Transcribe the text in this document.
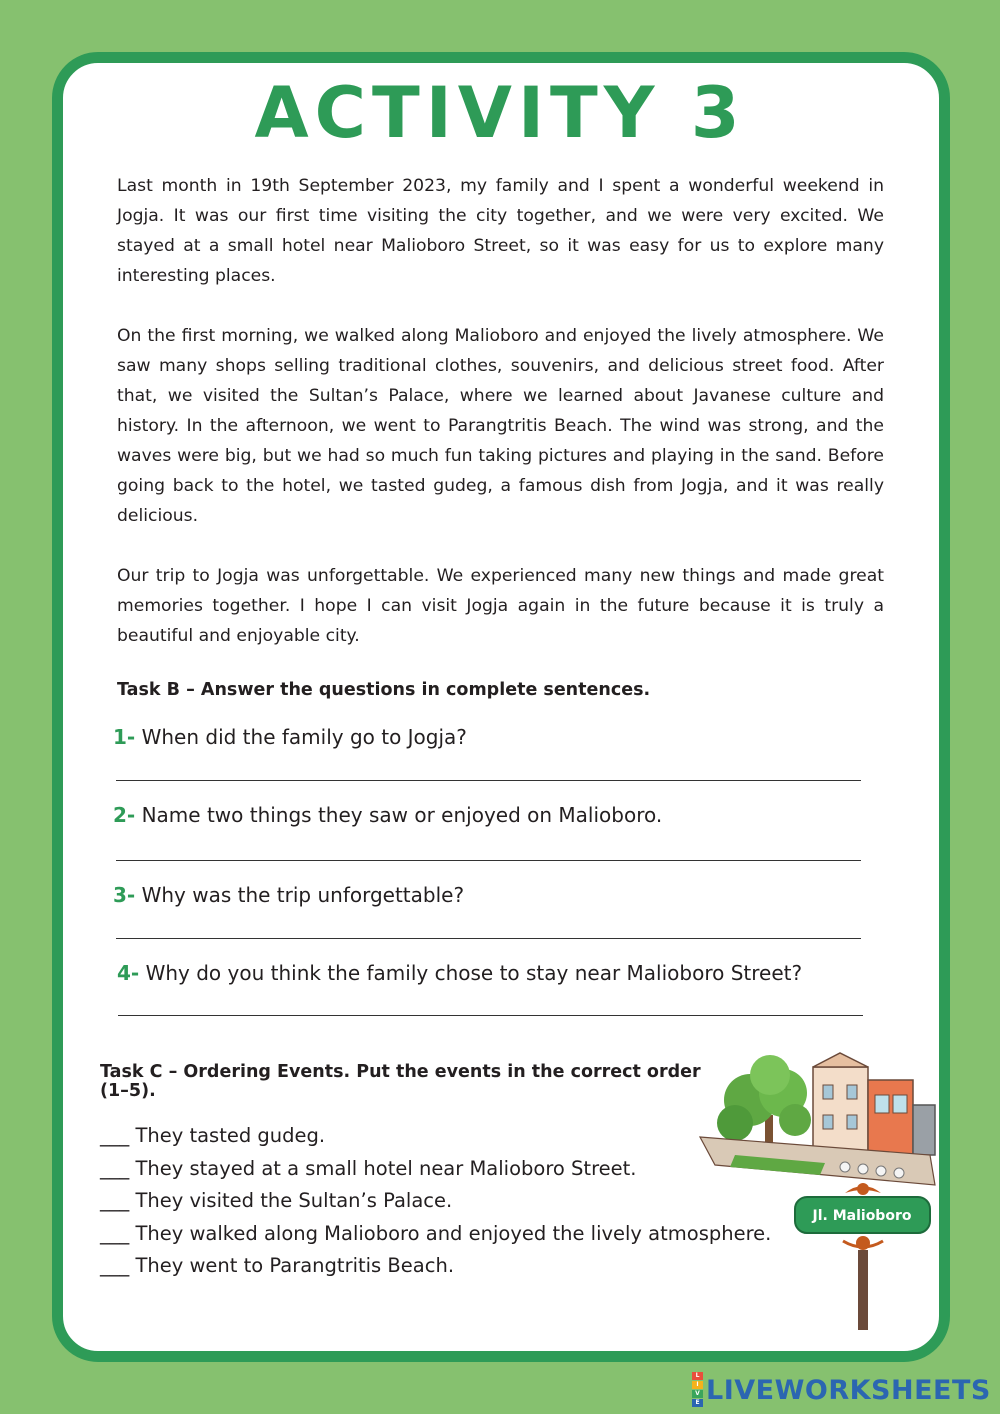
ACTIVITY 3

Last month in 19th September 2023, my family and I spent a wonderful weekend in Jogja. It was our first time visiting the city together, and we were very excited. We stayed at a small hotel near Malioboro Street, so it was easy for us to explore many interesting places.

On the first morning, we walked along Malioboro and enjoyed the lively atmosphere. We saw many shops selling traditional clothes, souvenirs, and delicious street food. After that, we visited the Sultan’s Palace, where we learned about Javanese culture and history. In the afternoon, we went to Parangtritis Beach. The wind was strong, and the waves were big, but we had so much fun taking pictures and playing in the sand. Before going back to the hotel, we tasted gudeg, a famous dish from Jogja, and it was really delicious.

Our trip to Jogja was unforgettable. We experienced many new things and made great memories together. I hope I can visit Jogja again in the future because it is truly a beautiful and enjoyable city.

Task B – Answer the questions in complete sentences.
1- When did the family go to Jogja?
2- Name two things they saw or enjoyed on Malioboro.
3- Why was the trip unforgettable?
4- Why do you think the family chose to stay near Malioboro Street?
Task C – Ordering Events. Put the events in the correct order (1–5).
___ They tasted gudeg.
___ They stayed at a small hotel near Malioboro Street.
___ They visited the Sultan’s Palace.
___ They walked along Malioboro and enjoyed the lively atmosphere.
___ They went to Parangtritis Beach.
Jl. Malioboro
L
I
V
E LIVEWORKSHEETS
